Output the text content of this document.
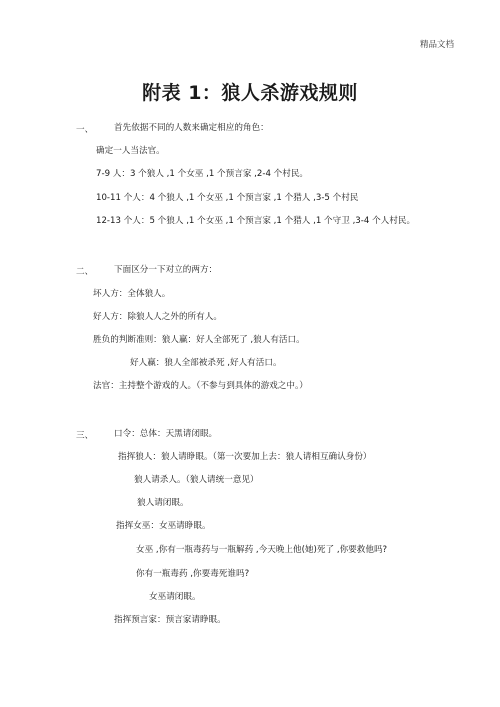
精品文档
附表 1：狼人杀游戏规则
一、 首先依据不同的人数来确定相应的角色：
确定一人当法官。
7-9 人：3 个狼人 ,1 个女巫 ,1 个预言家 ,2-4 个村民。
10-11 个人：4 个狼人 ,1 个女巫 ,1 个预言家 ,1 个猎人 ,3-5 个村民
12-13 个人：5 个狼人 ,1 个女巫 ,1 个预言家 ,1 个猎人 ,1 个守卫 ,3-4 个人村民。
二、 下面区分一下对立的两方：
坏人方：全体狼人。
好人方：除狼人人之外的所有人。
胜负的判断准则：狼人赢：好人全部死了 ,狼人有活口。
好人赢：狼人全部被杀死 ,好人有活口。
法官：主持整个游戏的人。（不参与到具体的游戏之中。）
三、 口令：总体：天黑请闭眼。
指挥狼人：狼人请睁眼。（第一次要加上去：狼人请相互确认身份）
狼人请杀人。（狼人请统一意见）
狼人请闭眼。
指挥女巫：女巫请睁眼。
女巫 ,你有一瓶毒药与一瓶解药 ,今天晚上他(她)死了 ,你要救他吗?
你有一瓶毒药 ,你要毒死谁吗?
女巫请闭眼。
指挥预言家：预言家请睁眼。
